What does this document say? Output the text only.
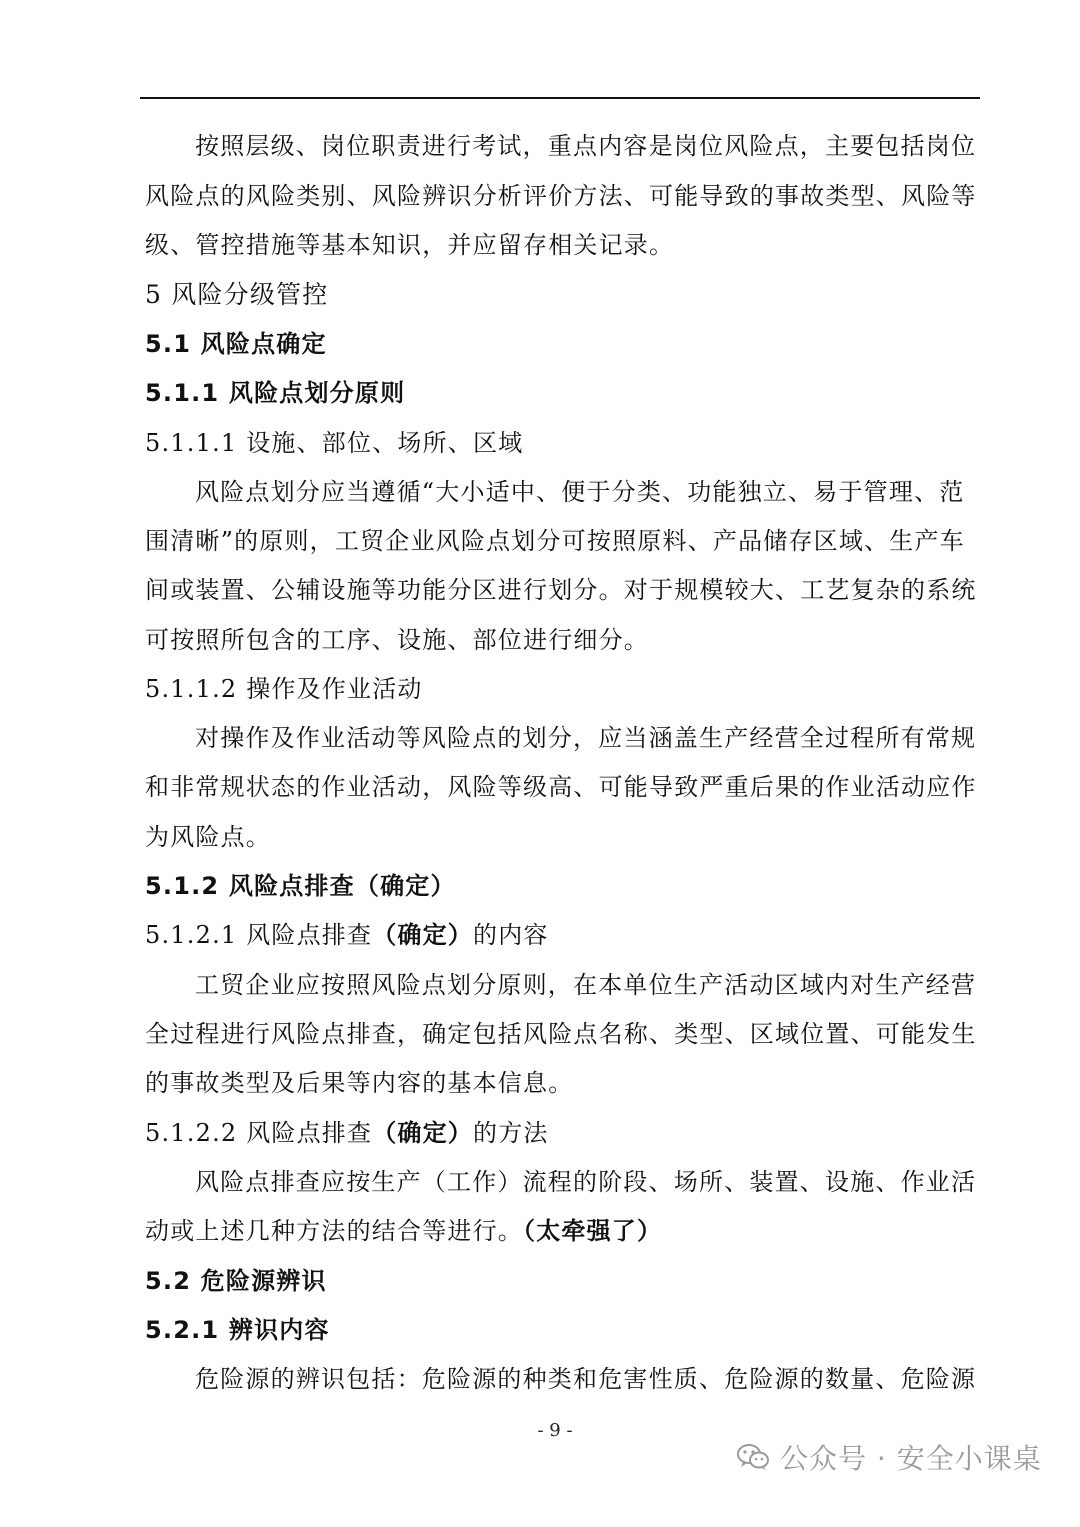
按照层级、岗位职责进行考试，重点内容是岗位风险点，主要包括岗位
风险点的风险类别、风险辨识分析评价方法、可能导致的事故类型、风险等
级、管控措施等基本知识，并应留存相关记录。
5 风险分级管控
5.1 风险点确定
5.1.1 风险点划分原则
5.1.1.1 设施、部位、场所、区域
风险点划分应当遵循“大小适中、便于分类、功能独立、易于管理、范
围清晰”的原则，工贸企业风险点划分可按照原料、产品储存区域、生产车
间或装置、公辅设施等功能分区进行划分。对于规模较大、工艺复杂的系统
可按照所包含的工序、设施、部位进行细分。
5.1.1.2 操作及作业活动
对操作及作业活动等风险点的划分，应当涵盖生产经营全过程所有常规
和非常规状态的作业活动，风险等级高、可能导致严重后果的作业活动应作
为风险点。
5.1.2 风险点排查（确定）
5.1.2.1 风险点排查（确定）的内容
工贸企业应按照风险点划分原则，在本单位生产活动区域内对生产经营
全过程进行风险点排查，确定包括风险点名称、类型、区域位置、可能发生
的事故类型及后果等内容的基本信息。
5.1.2.2 风险点排查（确定）的方法
风险点排查应按生产（工作）流程的阶段、场所、装置、设施、作业活
动或上述几种方法的结合等进行。（太牵强了）
5.2 危险源辨识
5.2.1 辨识内容
危险源的辨识包括：危险源的种类和危害性质、危险源的数量、危险源
- 9 -
公众号 · 安全小课桌
